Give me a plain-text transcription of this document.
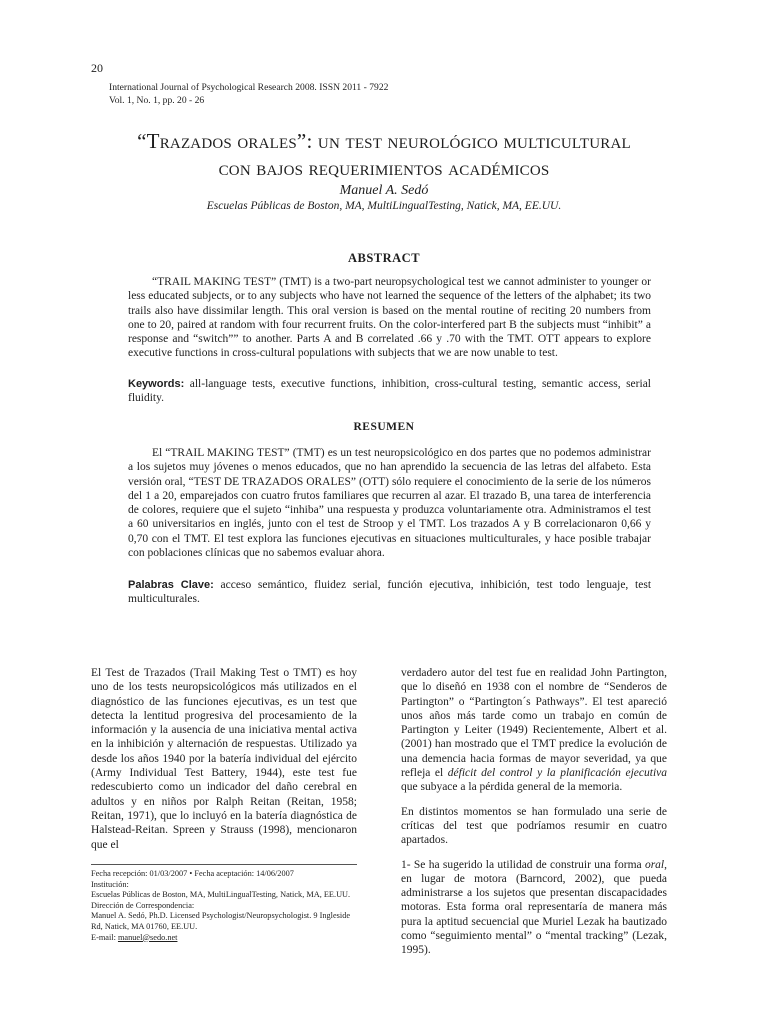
20
International Journal of Psychological Research 2008. ISSN 2011 - 7922
Vol. 1, No. 1, pp. 20 - 26
“Trazados orales”: un test neurológico multicultural
con bajos requerimientos académicos
Manuel A. Sedó
Escuelas Públicas de Boston, MA, MultiLingualTesting, Natick, MA, EE.UU.
ABSTRACT

“TRAIL MAKING TEST” (TMT) is a two-part neuropsychological test we cannot administer to younger or less educated subjects, or to any subjects who have not learned the sequence of the letters of the alphabet; its two trails also have dissimilar length. This oral version is based on the mental routine of reciting 20 numbers from one to 20, paired at random with four recurrent fruits. On the color-interfered part B the subjects must “inhibit” a response and “switch”” to another. Parts A and B correlated .66 y .70 with the TMT. OTT appears to explore executive functions in cross-cultural populations with subjects that we are now unable to test.

Keywords: all-language tests, executive functions, inhibition, cross-cultural testing, semantic access, serial fluidity.
RESUMEN

El “TRAIL MAKING TEST” (TMT) es un test neuropsicológico en dos partes que no podemos administrar a los sujetos muy jóvenes o menos educados, que no han aprendido la secuencia de las letras del alfabeto. Esta versión oral, “TEST DE TRAZADOS ORALES” (OTT) sólo requiere el conocimiento de la serie de los números del 1 a 20, emparejados con cuatro frutos familiares que recurren al azar. El trazado B, una tarea de interferencia de colores, requiere que el sujeto “inhiba” una respuesta y produzca voluntariamente otra. Administramos el test a 60 universitarios en inglés, junto con el test de Stroop y el TMT. Los trazados A y B correlacionaron 0,66 y 0,70 con el TMT. El test explora las funciones ejecutivas en situaciones multiculturales, y hace posible trabajar con poblaciones clínicas que no sabemos evaluar ahora.

Palabras Clave: acceso semántico, fluidez serial, función ejecutiva, inhibición, test todo lenguaje, test multiculturales.

El Test de Trazados (Trail Making Test o TMT) es hoy uno de los tests neuropsicológicos más utilizados en el diagnóstico de las funciones ejecutivas, es un test que detecta la lentitud progresiva del procesamiento de la información y la ausencia de una iniciativa mental activa en la inhibición y alternación de respuestas. Utilizado ya desde los años 1940 por la batería individual del ejército (Army Individual Test Battery, 1944), este test fue redescubierto como un indicador del daño cerebral en adultos y en niños por Ralph Reitan (Reitan, 1958; Reitan, 1971), que lo incluyó en la batería diagnóstica de Halstead-Reitan. Spreen y Strauss (1998), mencionaron que el

verdadero autor del test fue en realidad John Partington, que lo diseñó en 1938 con el nombre de “Senderos de Partington” o “Partington´s Pathways”. El test apareció unos años más tarde como un trabajo en común de Partington y Leiter (1949) Recientemente, Albert et al. (2001) han mostrado que el TMT predice la evolución de una demencia hacia formas de mayor severidad, ya que refleja el déficit del control y la planificación ejecutiva que subyace a la pérdida general de la memoria.

En distintos momentos se han formulado una serie de críticas del test que podríamos resumir en cuatro apartados.

1- Se ha sugerido la utilidad de construir una forma oral, en lugar de motora (Barncord, 2002), que pueda administrarse a los sujetos que presentan discapacidades motoras. Esta forma oral representaría de manera más pura la aptitud secuencial que Muriel Lezak ha bautizado como “seguimiento mental” o “mental tracking” (Lezak, 1995).

Fecha recepción: 01/03/2007 • Fecha aceptación: 14/06/2007
Institución:
Escuelas Públicas de Boston, MA, MultiLingualTesting, Natick, MA, EE.UU.
Dirección de Correspondencia:
Manuel A. Sedó, Ph.D. Licensed Psychologist/Neuropsychologist. 9 Ingleside
Rd, Natick, MA 01760, EE.UU.
E-mail: manuel@sedo.net
